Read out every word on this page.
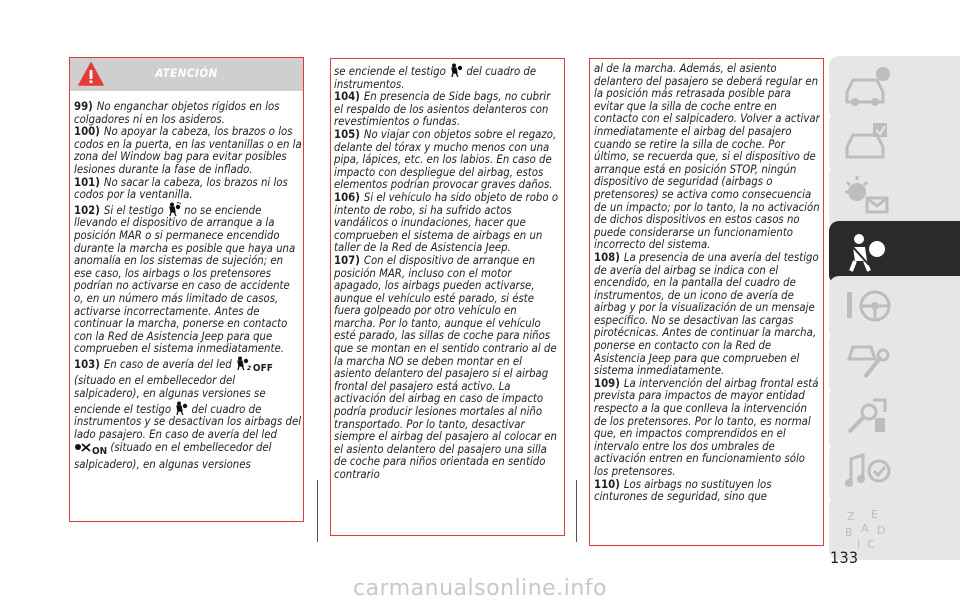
ATENCIÓN

99) No enganchar objetos rígidos en los colgadores ni en los asideros.

100) No apoyar la cabeza, los brazos o los codos en la puerta, en las ventanillas o en la zona del Window bag para evitar posibles lesiones durante la fase de inflado.

101) No sacar la cabeza, los brazos ni los codos por la ventanilla.

102) Si el testigo no se enciende llevando el dispositivo de arranque a la posición MAR o si permanece encendido durante la marcha es posible que haya una anomalía en los sistemas de sujeción; en ese caso, los airbags o los pretensores podrían no activarse en caso de accidente o, en un número más limitado de casos, activarse incorrectamente. Antes de continuar la marcha, ponerse en contacto con la Red de Asistencia Jeep para que comprueben el sistema inmediatamente.

103) En caso de avería del led	2 OFF (situado en el embellecedor del salpicadero), en algunas versiones se enciende el testigo del cuadro de instrumentos y se desactivan los airbags del lado pasajero. En caso de avería del led ON (situado en el embellecedor del salpicadero), en algunas versiones

se enciende el testigo del cuadro de instrumentos.

104) En presencia de Side bags, no cubrir el respaldo de los asientos delanteros con revestimientos o fundas.

105) No viajar con objetos sobre el regazo, delante del tórax y mucho menos con una pipa, lápices, etc. en los labios. En caso de impacto con despliegue del airbag, estos elementos podrían provocar graves daños.

106) Si el vehículo ha sido objeto de robo o intento de robo, si ha sufrido actos vandálicos o inundaciones, hacer que comprueben el sistema de airbags en un taller de la Red de Asistencia Jeep.

107) Con el dispositivo de arranque en posición MAR, incluso con el motor apagado, los airbags pueden activarse, aunque el vehículo esté parado, si éste fuera golpeado por otro vehículo en marcha. Por lo tanto, aunque el vehículo esté parado, las sillas de coche para niños que se montan en el sentido contrario al de la marcha NO se deben montar en el asiento delantero del pasajero si el airbag frontal del pasajero está activo. La activación del airbag en caso de impacto podría producir lesiones mortales al niño transportado. Por lo tanto, desactivar siempre el airbag del pasajero al colocar en el asiento delantero del pasajero una silla de coche para niños orientada en sentido contrario

al de la marcha. Además, el asiento delantero del pasajero se deberá regular en la posición más retrasada posible para evitar que la silla de coche entre en contacto con el salpicadero. Volver a activar inmediatamente el airbag del pasajero cuando se retire la silla de coche. Por último, se recuerda que, si el dispositivo de arranque está en posición STOP, ningún dispositivo de seguridad (airbags o pretensores) se activa como consecuencia de un impacto; por lo tanto, la no activación de dichos dispositivos en estos casos no puede considerarse un funcionamiento incorrecto del sistema.

108) La presencia de una avería del testigo de avería del airbag se indica con el encendido, en la pantalla del cuadro de instrumentos, de un icono de avería de airbag y por la visualización de un mensaje específico. No se desactivan las cargas pirotécnicas. Antes de continuar la marcha, ponerse en contacto con la Red de Asistencia Jeep para que comprueben el sistema inmediatamente.

109) La intervención del airbag frontal está prevista para impactos de mayor entidad respecto a la que conlleva la intervención de los pretensores. Por lo tanto, es normal que, en impactos comprendidos en el intervalo entre los dos umbrales de activación entren en funcionamiento sólo los pretensores.

110) Los airbags no sustituyen los cinturones de seguridad, sino que

Z E
B A D
I C
133
carmanualsonline.info
